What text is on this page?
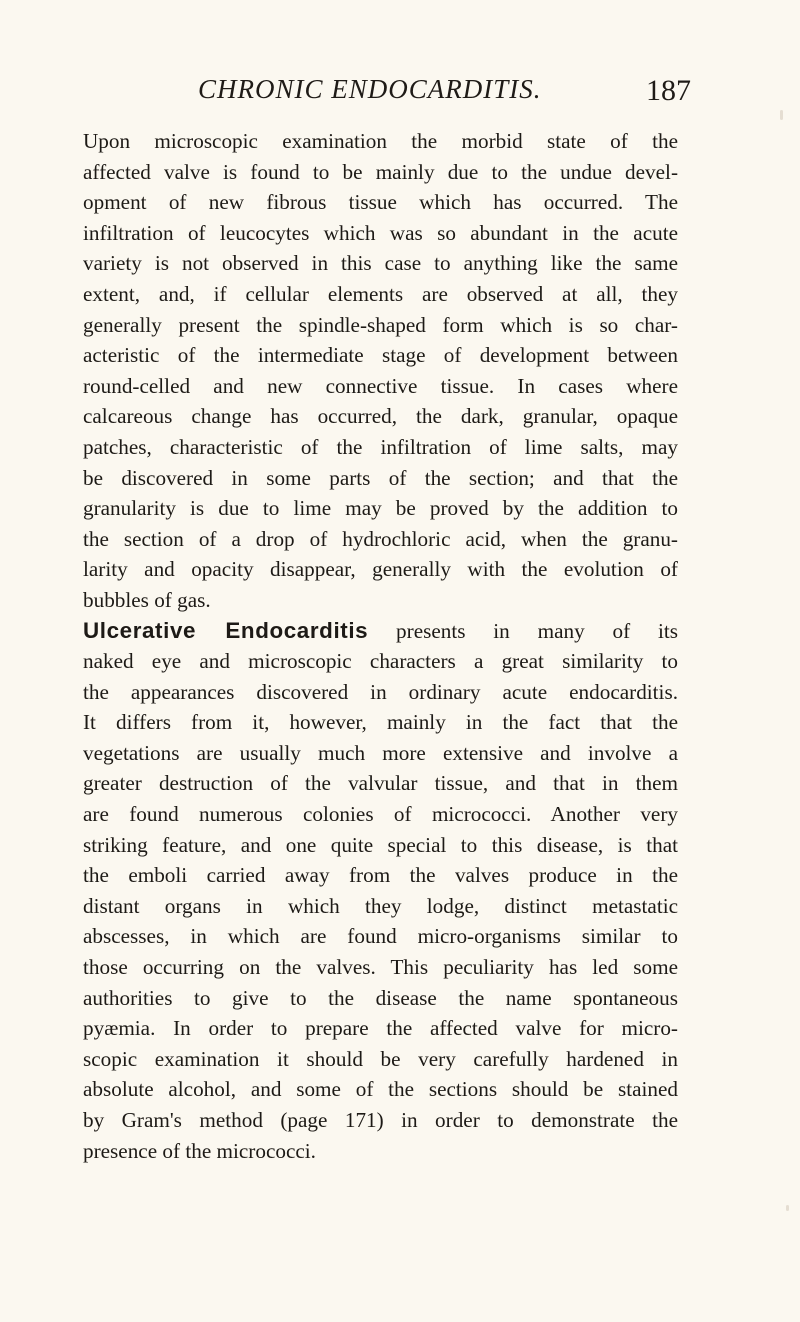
CHRONIC ENDOCARDITIS.	187

Upon microscopic examination the morbid state of the
affected valve is found to be mainly due to the undue devel-
opment of new fibrous tissue which has occurred. The
infiltration of leucocytes which was so abundant in the acute
variety is not observed in this case to anything like the same
extent, and, if cellular elements are observed at all, they
generally present the spindle-shaped form which is so char-
acteristic of the intermediate stage of development between
round-celled and new connective tissue. In cases where
calcareous change has occurred, the dark, granular, opaque
patches, characteristic of the infiltration of lime salts, may
be discovered in some parts of the section; and that the
granularity is due to lime may be proved by the addition to
the section of a drop of hydrochloric acid, when the granu-
larity and opacity disappear, generally with the evolution of
bubbles of gas.

Ulcerative Endocarditis presents in many of its
naked eye and microscopic characters a great similarity to
the appearances discovered in ordinary acute endocarditis.
It differs from it, however, mainly in the fact that the
vegetations are usually much more extensive and involve a
greater destruction of the valvular tissue, and that in them
are found numerous colonies of micrococci. Another very
striking feature, and one quite special to this disease, is that
the emboli carried away from the valves produce in the
distant organs in which they lodge, distinct metastatic
abscesses, in which are found micro-organisms similar to
those occurring on the valves. This peculiarity has led some
authorities to give to the disease the name spontaneous
pyæmia. In order to prepare the affected valve for micro-
scopic examination it should be very carefully hardened in
absolute alcohol, and some of the sections should be stained
by Gram's method (page 171) in order to demonstrate the
presence of the micrococci.
